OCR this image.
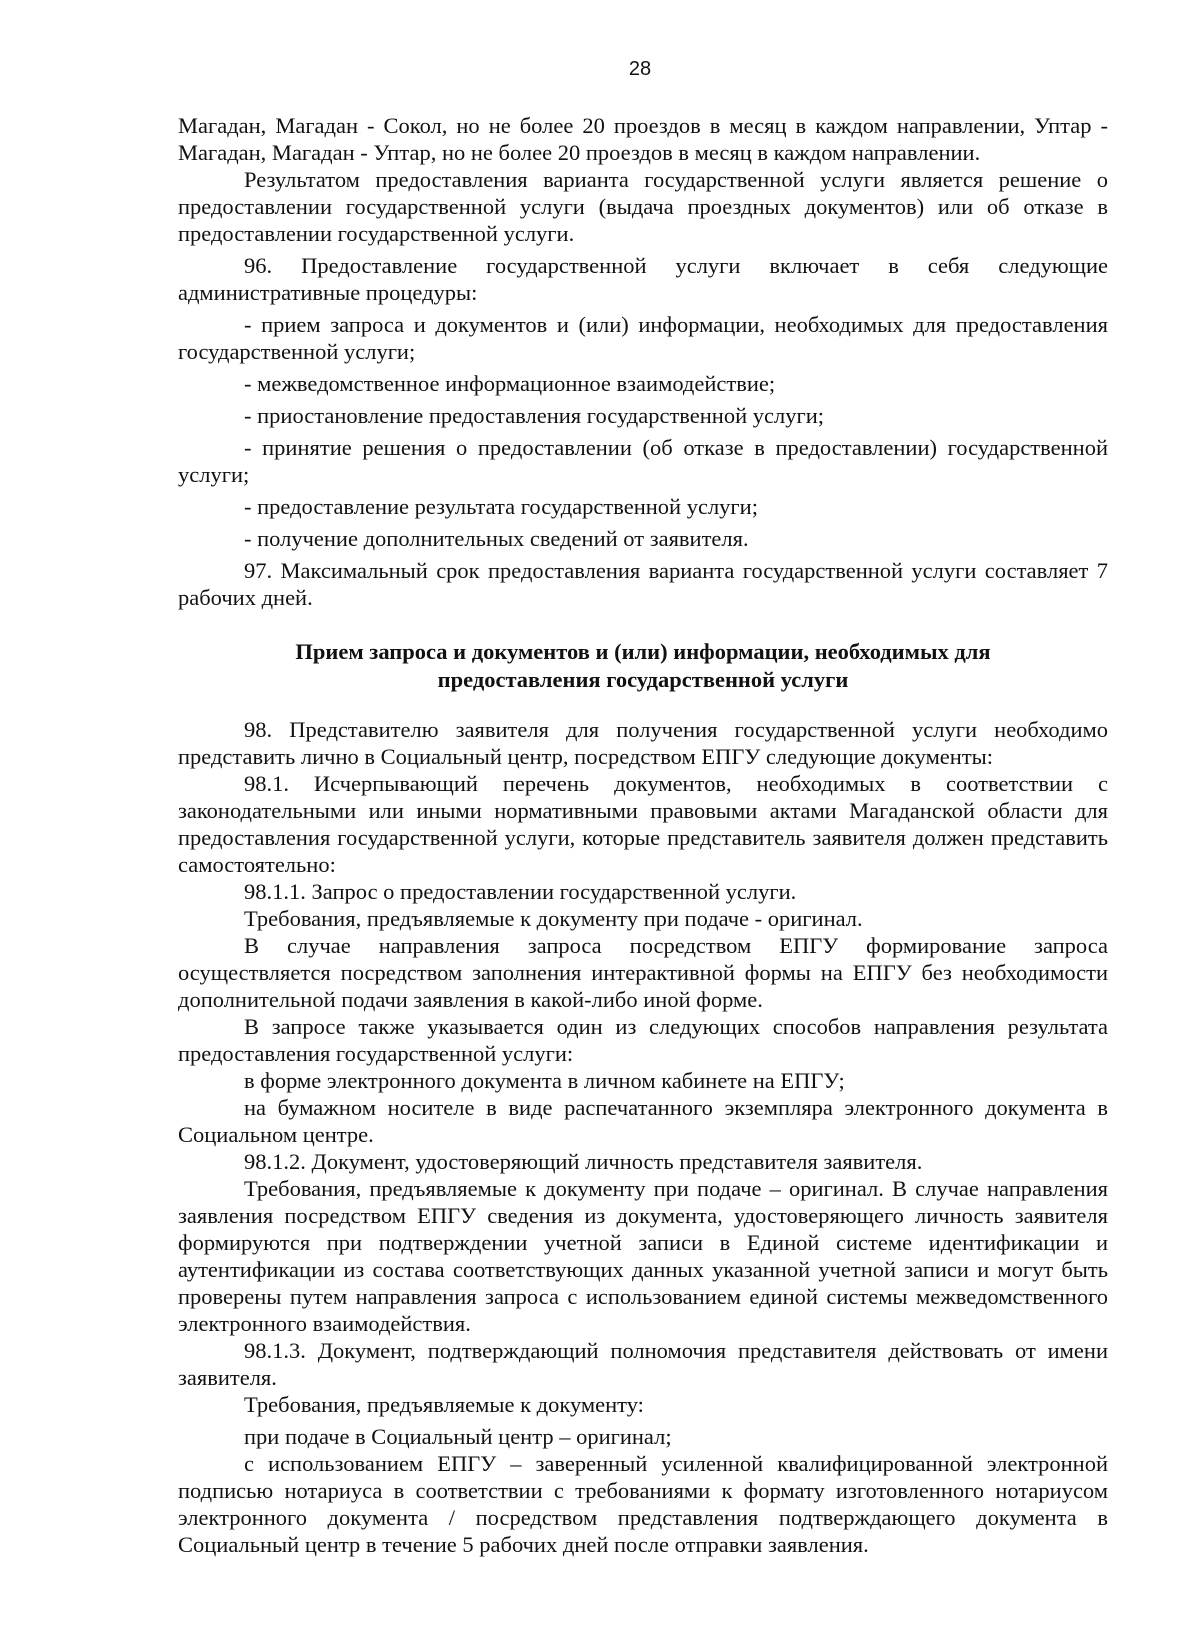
28

Магадан, Магадан - Сокол, но не более 20 проездов в месяц в каждом направлении, Уптар - Магадан, Магадан - Уптар, но не более 20 проездов в месяц в каждом направлении.

Результатом предоставления варианта государственной услуги является решение о предоставлении государственной услуги (выдача проездных документов) или об отказе в предоставлении государственной услуги.

96. Предоставление государственной услуги включает в себя следующие административные процедуры:

- прием запроса и документов и (или) информации, необходимых для предоставления государственной услуги;

- межведомственное информационное взаимодействие;

- приостановление предоставления государственной услуги;

- принятие решения о предоставлении (об отказе в предоставлении) государственной услуги;

- предоставление результата государственной услуги;

- получение дополнительных сведений от заявителя.

97. Максимальный срок предоставления варианта государственной услуги составляет 7 рабочих дней.

Прием запроса и документов и (или) информации, необходимых для
предоставления государственной услуги

98. Представителю заявителя для получения государственной услуги необходимо представить лично в Социальный центр, посредством ЕПГУ следующие документы:

98.1. Исчерпывающий перечень документов, необходимых в соответствии с законодательными или иными нормативными правовыми актами Магаданской области для предоставления государственной услуги, которые представитель заявителя должен представить самостоятельно:

98.1.1. Запрос о предоставлении государственной услуги.

Требования, предъявляемые к документу при подаче - оригинал.

В случае направления запроса посредством ЕПГУ формирование запроса осуществляется посредством заполнения интерактивной формы на ЕПГУ без необходимости дополнительной подачи заявления в какой-либо иной форме.

В запросе также указывается один из следующих способов направления результата предоставления государственной услуги:

в форме электронного документа в личном кабинете на ЕПГУ;

на бумажном носителе в виде распечатанного экземпляра электронного документа в Социальном центре.

98.1.2. Документ, удостоверяющий личность представителя заявителя.

Требования, предъявляемые к документу при подаче – оригинал. В случае направления заявления посредством ЕПГУ сведения из документа, удостоверяющего личность заявителя формируются при подтверждении учетной записи в Единой системе идентификации и аутентификации из состава соответствующих данных указанной учетной записи и могут быть проверены путем направления запроса с использованием единой системы межведомственного электронного взаимодействия.

98.1.3. Документ, подтверждающий полномочия представителя действовать от имени заявителя.

Требования, предъявляемые к документу:

при подаче в Социальный центр – оригинал;

с использованием ЕПГУ – заверенный усиленной квалифицированной электронной подписью нотариуса в соответствии с требованиями к формату изготовленного нотариусом электронного документа / посредством представления подтверждающего документа в Социальный центр в течение 5 рабочих дней после отправки заявления.
